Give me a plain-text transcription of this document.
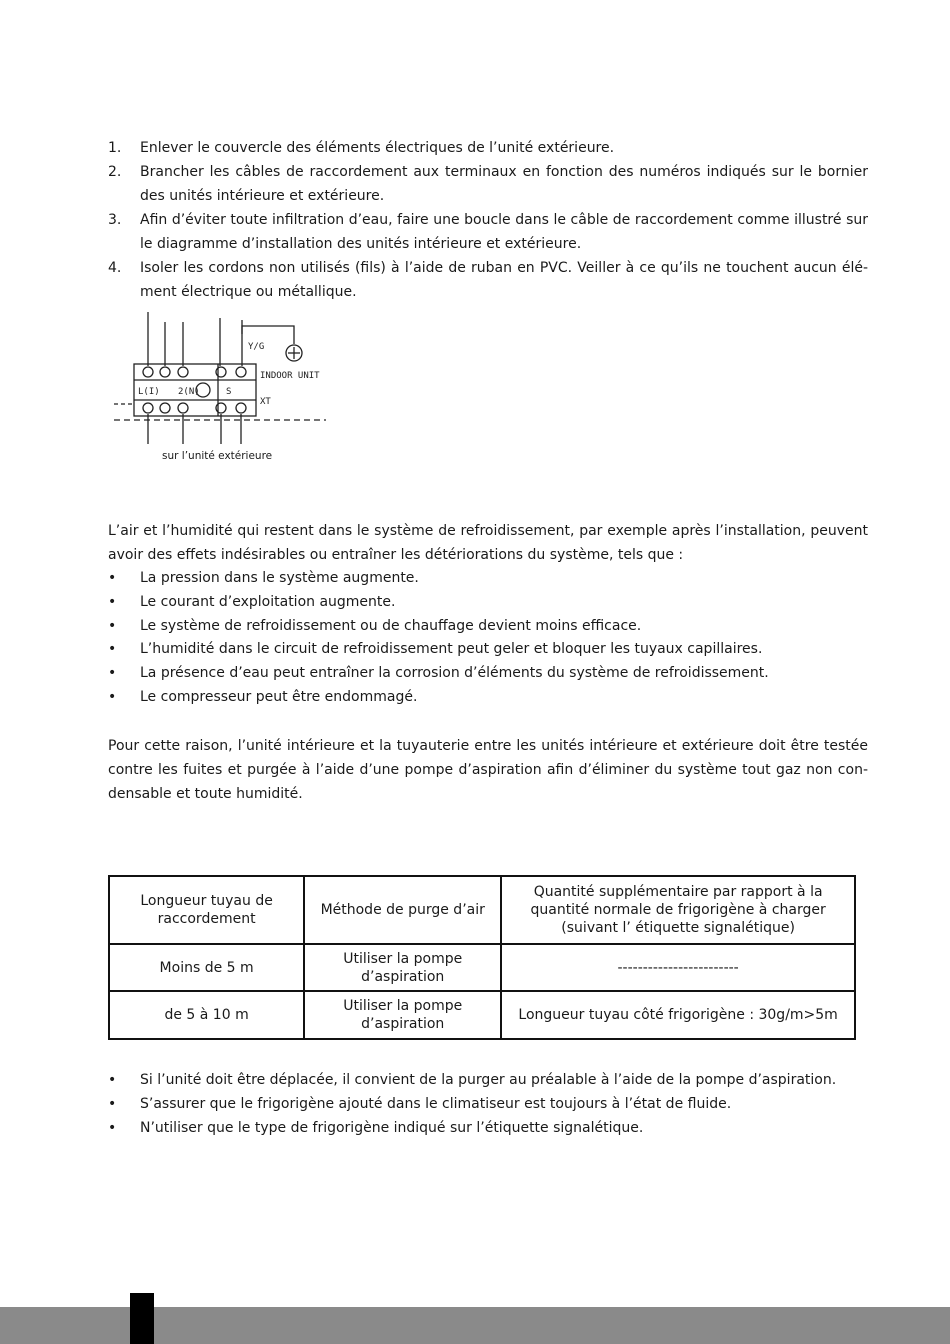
1. Enlever le couvercle des éléments électriques de l’unité extérieure.
2. Brancher les câbles de raccordement aux terminaux en fonction des numéros indiqués sur le bornier des unités intérieure et extérieure.
3. Afin d’éviter toute infiltration d’eau, faire une boucle dans le câble de raccordement comme illustré sur le diagramme d’installation des unités intérieure et extérieure.
4. Isoler les cordons non utilisés (fils) à l’aide de ruban en PVC. Veiller à ce qu’ils ne touchent aucun élé-ment électrique ou métallique.
Y/G
INDOOR UNIT
L(I) 2(N)	S
XT
sur l’unité extérieure

L’air et l’humidité qui restent dans le système de refroidissement, par exemple après l’installation, peuvent avoir des effets indésirables ou entraîner les détériorations du système, tels que :

• La pression dans le système augmente.
• Le courant d’exploitation augmente.
• Le système de refroidissement ou de chauffage devient moins efficace.
• L’humidité dans le circuit de refroidissement peut geler et bloquer les tuyaux capillaires.
• La présence d’eau peut entraîner la corrosion d’éléments du système de refroidissement.
• Le compresseur peut être endommagé.

Pour cette raison, l’unité intérieure et la tuyauterie entre les unités intérieure et extérieure doit être testée contre les fuites et purgée à l’aide d’une pompe d’aspiration afin d’éliminer du système tout gaz non con-densable et toute humidité.

Longueur tuyau de raccordement	Méthode de purge d’air	Quantité supplémentaire par rapport à la quantité normale de frigorigène à charger (suivant l’ étiquette signalétique)
Moins de 5 m	Utiliser la pompe d’aspiration	------------------------
de 5 à 10 m	Utiliser la pompe d’aspiration	Longueur tuyau côté frigorigène : 30g/m>5m
• Si l’unité doit être déplacée, il convient de la purger au préalable à l’aide de la pompe d’aspiration.
• S’assurer que le frigorigène ajouté dans le climatiseur est toujours à l’état de fluide.
• N’utiliser que le type de frigorigène indiqué sur l’étiquette signalétique.
